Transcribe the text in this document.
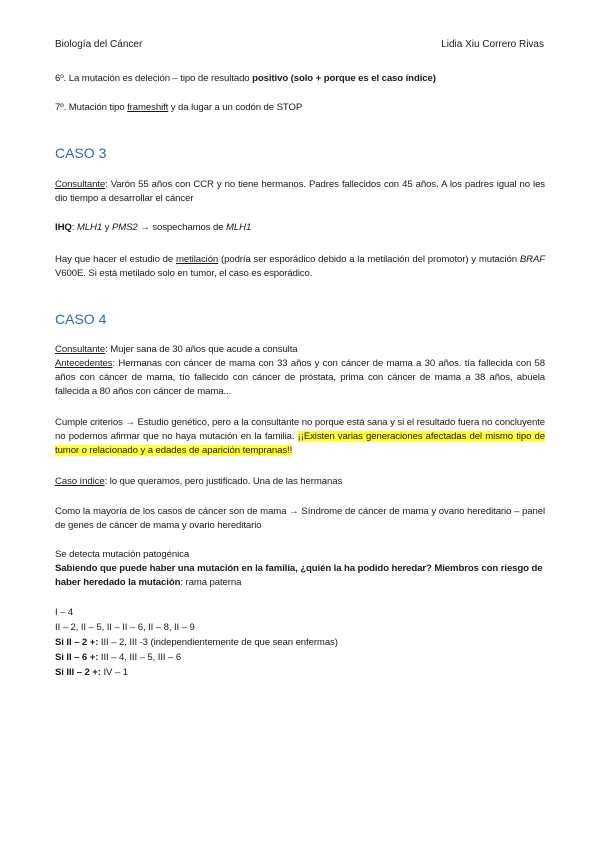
Biología del Cáncer	Lidia Xiu Correro Rivas
6º. La mutación es deleción – tipo de resultado positivo (solo + porque es el caso índice)
7º. Mutación tipo frameshift y da lugar a un codón de STOP
CASO 3
Consultante: Varón 55 años con CCR y no tiene hermanos. Padres fallecidos con 45 años. A los padres igual no les dio tiempo a desarrollar el cáncer
IHQ: MLH1 y PMS2 → sospechamos de MLH1
Hay que hacer el estudio de metilación (podría ser esporádico debido a la metilación del promotor) y mutación BRAF V600E. Si está metilado solo en tumor, el caso es esporádico.
CASO 4
Consultante: Mujer sana de 30 años que acude a consulta
Antecedentes: Hermanas con cáncer de mama con 33 años y con cáncer de mama a 30 años. tía fallecida con 58 años con cáncer de mama, tío fallecido con cáncer de próstata, prima con cáncer de mama a 38 años, abuela fallecida a 80 años con cáncer de mama...
Cumple criterios → Estudio genético, pero a la consultante no porque está sana y si el resultado fuera no concluyente no podemos afirmar que no haya mutación en la familia. ¡¡Existen varias generaciones afectadas del mismo tipo de tumor o relacionado y a edades de aparición tempranas!!
Caso índice: lo que queramos, pero justificado. Una de las hermanas
Como la mayoría de los casos de cáncer son de mama → Síndrome de cáncer de mama y ovario hereditario – panel de genes de cáncer de mama y ovario hereditario
Se detecta mutación patogénica
Sabiendo que puede haber una mutación en la familia, ¿quién la ha podido heredar? Miembros con riesgo de haber heredado la mutación: rama paterna
I – 4
II – 2, II – 5, II – II – 6, II – 8, II – 9
Si II – 2 +: III – 2, III -3 (independientemente de que sean enfermas)
Si II – 6 +: III – 4, III – 5, III – 6
Si III – 2 +: IV – 1
